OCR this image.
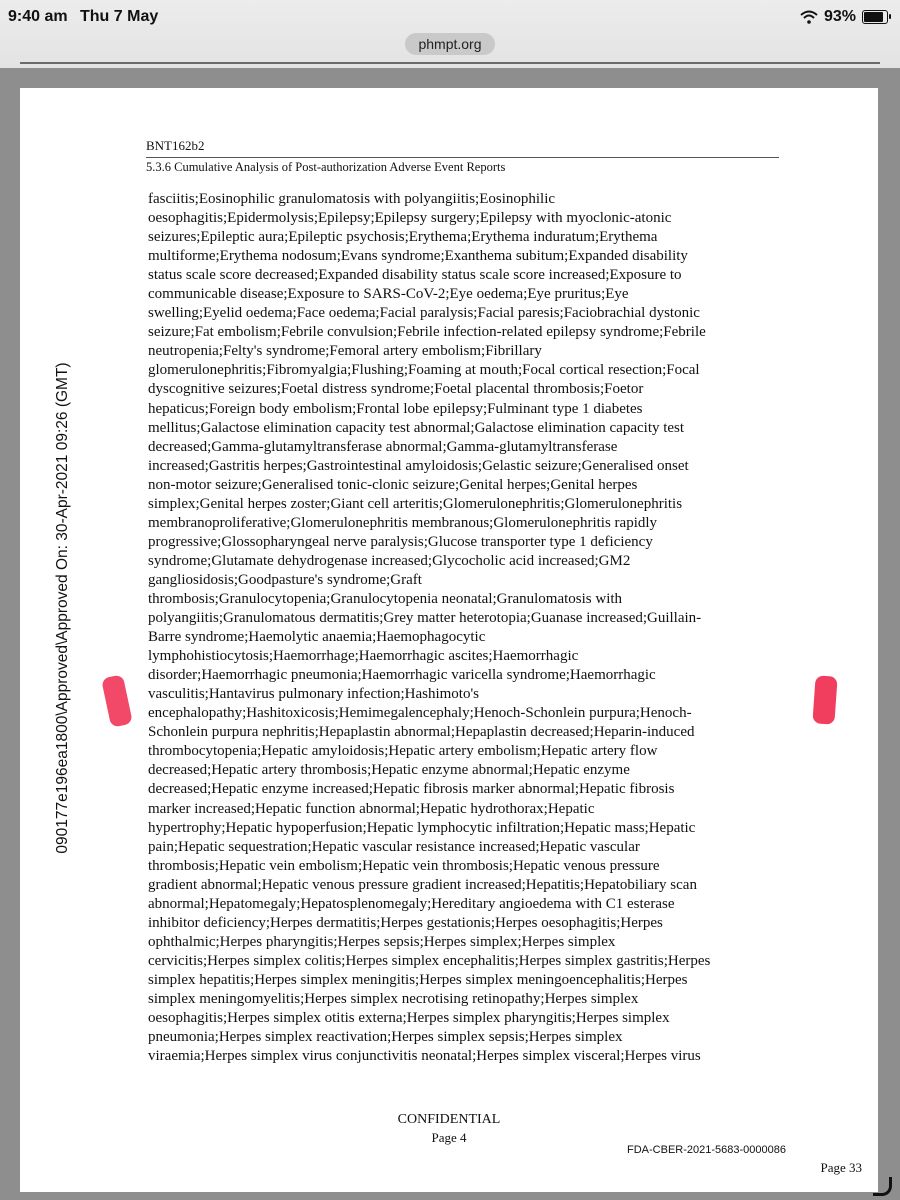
9:40 am Thu 7 May	93%
phmpt.org
BNT162b2
5.3.6 Cumulative Analysis of Post-authorization Adverse Event Reports
090177e196ea1800\Approved\Approved On: 30-Apr-2021 09:26 (GMT)
fasciitis;Eosinophilic granulomatosis with polyangiitis;Eosinophilic
oesophagitis;Epidermolysis;Epilepsy;Epilepsy surgery;Epilepsy with myoclonic-atonic
seizures;Epileptic aura;Epileptic psychosis;Erythema;Erythema induratum;Erythema
multiforme;Erythema nodosum;Evans syndrome;Exanthema subitum;Expanded disability
status scale score decreased;Expanded disability status scale score increased;Exposure to
communicable disease;Exposure to SARS-CoV-2;Eye oedema;Eye pruritus;Eye
swelling;Eyelid oedema;Face oedema;Facial paralysis;Facial paresis;Faciobrachial dystonic
seizure;Fat embolism;Febrile convulsion;Febrile infection-related epilepsy syndrome;Febrile
neutropenia;Felty's syndrome;Femoral artery embolism;Fibrillary
glomerulonephritis;Fibromyalgia;Flushing;Foaming at mouth;Focal cortical resection;Focal
dyscognitive seizures;Foetal distress syndrome;Foetal placental thrombosis;Foetor
hepaticus;Foreign body embolism;Frontal lobe epilepsy;Fulminant type 1 diabetes
mellitus;Galactose elimination capacity test abnormal;Galactose elimination capacity test
decreased;Gamma-glutamyltransferase abnormal;Gamma-glutamyltransferase
increased;Gastritis herpes;Gastrointestinal amyloidosis;Gelastic seizure;Generalised onset
non-motor seizure;Generalised tonic-clonic seizure;Genital herpes;Genital herpes
simplex;Genital herpes zoster;Giant cell arteritis;Glomerulonephritis;Glomerulonephritis
membranoproliferative;Glomerulonephritis membranous;Glomerulonephritis rapidly
progressive;Glossopharyngeal nerve paralysis;Glucose transporter type 1 deficiency
syndrome;Glutamate dehydrogenase increased;Glycocholic acid increased;GM2
gangliosidosis;Goodpasture's syndrome;Graft
thrombosis;Granulocytopenia;Granulocytopenia neonatal;Granulomatosis with
polyangiitis;Granulomatous dermatitis;Grey matter heterotopia;Guanase increased;Guillain-
Barre syndrome;Haemolytic anaemia;Haemophagocytic
lymphohistiocytosis;Haemorrhage;Haemorrhagic ascites;Haemorrhagic
disorder;Haemorrhagic pneumonia;Haemorrhagic varicella syndrome;Haemorrhagic
vasculitis;Hantavirus pulmonary infection;Hashimoto's
encephalopathy;Hashitoxicosis;Hemimegalencephaly;Henoch-Schonlein purpura;Henoch-
Schonlein purpura nephritis;Hepaplastin abnormal;Hepaplastin decreased;Heparin-induced
thrombocytopenia;Hepatic amyloidosis;Hepatic artery embolism;Hepatic artery flow
decreased;Hepatic artery thrombosis;Hepatic enzyme abnormal;Hepatic enzyme
decreased;Hepatic enzyme increased;Hepatic fibrosis marker abnormal;Hepatic fibrosis
marker increased;Hepatic function abnormal;Hepatic hydrothorax;Hepatic
hypertrophy;Hepatic hypoperfusion;Hepatic lymphocytic infiltration;Hepatic mass;Hepatic
pain;Hepatic sequestration;Hepatic vascular resistance increased;Hepatic vascular
thrombosis;Hepatic vein embolism;Hepatic vein thrombosis;Hepatic venous pressure
gradient abnormal;Hepatic venous pressure gradient increased;Hepatitis;Hepatobiliary scan
abnormal;Hepatomegaly;Hepatosplenomegaly;Hereditary angioedema with C1 esterase
inhibitor deficiency;Herpes dermatitis;Herpes gestationis;Herpes oesophagitis;Herpes
ophthalmic;Herpes pharyngitis;Herpes sepsis;Herpes simplex;Herpes simplex
cervicitis;Herpes simplex colitis;Herpes simplex encephalitis;Herpes simplex gastritis;Herpes
simplex hepatitis;Herpes simplex meningitis;Herpes simplex meningoencephalitis;Herpes
simplex meningomyelitis;Herpes simplex necrotising retinopathy;Herpes simplex
oesophagitis;Herpes simplex otitis externa;Herpes simplex pharyngitis;Herpes simplex
pneumonia;Herpes simplex reactivation;Herpes simplex sepsis;Herpes simplex
viraemia;Herpes simplex virus conjunctivitis neonatal;Herpes simplex visceral;Herpes virus
CONFIDENTIAL
Page 4
FDA-CBER-2021-5683-0000086
Page 33
